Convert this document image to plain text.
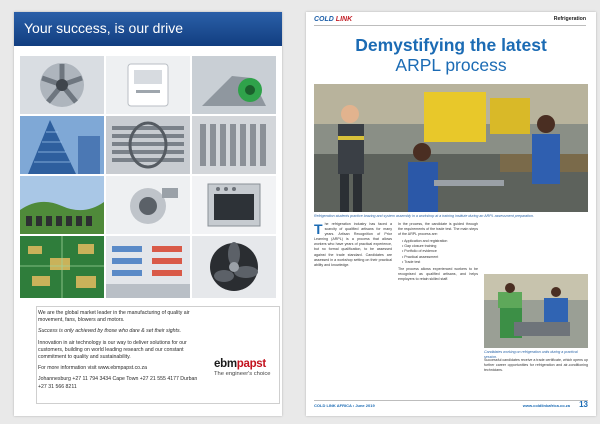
Your success, is our drive

We are the global market leader in the manufacturing of quality air movement, fans, blowers and motors.

Success is only achieved by those who dare & set their sights.

Innovation in air technology is our way to deliver solutions for our customers, building on world leading research and our constant commitment to quality and sustainability.

For more information visit www.ebmpapst.co.za

Johannesburg +27 11 794 3434 Cape Town +27 21 555 4177 Durban +27 31 566 8211

ebmpapst
The engineer's choice
COLD LINK	Refrigeration
Demystifying the latest
ARPL process
Refrigeration students practice brazing and system assembly in a workshop at a training institute during an ARPL assessment preparation.
The refrigeration industry has faced a scarcity of qualified artisans for many years. Artisan Recognition of Prior Learning (ARPL) is a process that allows workers who have years of practical experience, but no formal qualification, to be assessed against the trade standard. Candidates are assessed in a workshop setting on their practical ability and knowledge.
In the process, the candidate is guided through the requirements of the trade test. The main steps of the ARPL process are:
• Application and registration
• Gap closure training
• Portfolio of evidence
• Practical assessment
• Trade test
The process allows experienced workers to be recognised as qualified artisans, and helps employers to retain skilled staff.
Candidates working on refrigeration units during a practical session.
Successful candidates receive a trade certificate, which opens up further career opportunities for refrigeration and air-conditioning technicians.
COLD LINK AFRICA • June 2019	www.coldlinkafrica.co.za 13
